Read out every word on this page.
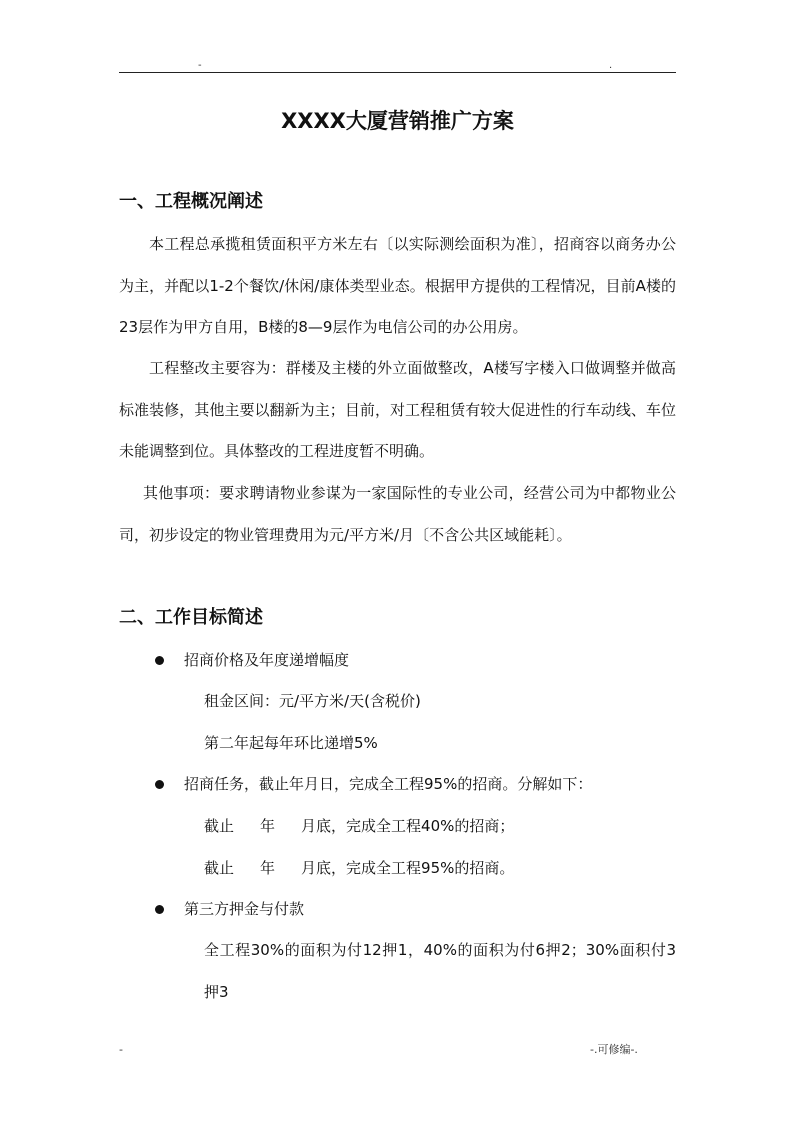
-	.
XXXX大厦营销推广方案
一、工程概况阐述

本工程总承揽租赁面积平方米左右〔以实际测绘面积为准〕，招商容以商务办公为主，并配以1-2个餐饮/休闲/康体类型业态。根据甲方提供的工程情况，目前A楼的23层作为甲方自用，B楼的8—9层作为电信公司的办公用房。

工程整改主要容为：群楼及主楼的外立面做整改，A楼写字楼入口做调整并做高标准装修，其他主要以翻新为主；目前，对工程租赁有较大促进性的行车动线、车位未能调整到位。具体整改的工程进度暂不明确。

其他事项：要求聘请物业参谋为一家国际性的专业公司，经营公司为中都物业公司，初步设定的物业管理费用为元/平方米/月〔不含公共区域能耗〕。

二、工作目标简述
招商价格及年度递增幅度
租金区间：元/平方米/天(含税价)
第二年起每年环比递增5%
招商任务，截止年月日，完成全工程95%的招商。分解如下：
截止 年 月底，完成全工程40%的招商；
截止 年 月底，完成全工程95%的招商。
第三方押金与付款

全工程30%的面积为付12押1，40%的面积为付6押2；30%面积付3押3

-	-.可修编-.
